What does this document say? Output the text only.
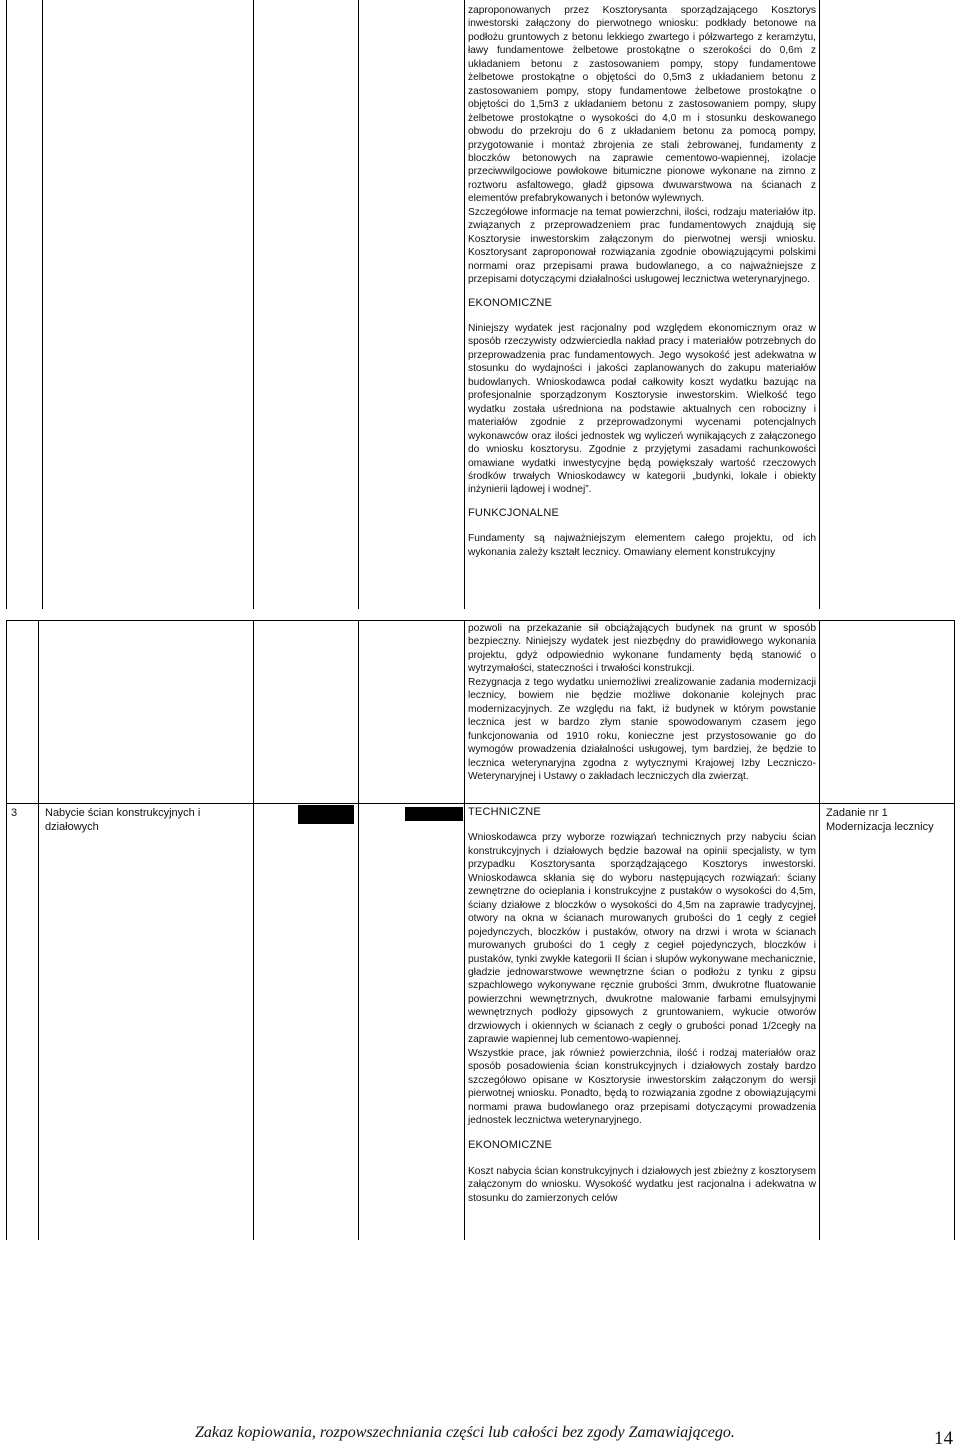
zaproponowanych przez Kosztorysanta sporządzającego Kosztorys inwestorski załączony do pierwotnego wniosku: podkłady betonowe na podłożu gruntowych z betonu lekkiego zwartego i półzwartego z keramzytu, ławy fundamentowe żelbetowe prostokątne o szerokości do 0,6m z układaniem betonu z zastosowaniem pompy, stopy fundamentowe żelbetowe prostokątne o objętości do 0,5m3 z układaniem betonu z zastosowaniem pompy, stopy fundamentowe żelbetowe prostokątne o objętości do 1,5m3 z układaniem betonu z zastosowaniem pompy, słupy żelbetowe prostokątne o wysokości do 4,0 m i stosunku deskowanego obwodu do przekroju do 6 z układaniem betonu za pomocą pompy, przygotowanie i montaż zbrojenia ze stali żebrowanej, fundamenty z bloczków betonowych na zaprawie cementowo-wapiennej, izolacje przeciwwilgociowe powłokowe bitumiczne pionowe wykonane na zimno z roztworu asfaltowego, gładź gipsowa dwuwarstwowa na ścianach z elementów prefabrykowanych i betonów wylewnych.

Szczegółowe informacje na temat powierzchni, ilości, rodzaju materiałów itp. związanych z przeprowadzeniem prac fundamentowych znajdują się Kosztorysie inwestorskim załączonym do pierwotnej wersji wniosku. Kosztorysant zaproponował rozwiązania zgodnie obowiązującymi polskimi normami oraz przepisami prawa budowlanego, a co najważniejsze z przepisami dotyczącymi działalności usługowej lecznictwa weterynaryjnego.

EKONOMICZNE

Niniejszy wydatek jest racjonalny pod względem ekonomicznym oraz w sposób rzeczywisty odzwierciedla nakład pracy i materiałów potrzebnych do przeprowadzenia prac fundamentowych. Jego wysokość jest adekwatna w stosunku do wydajności i jakości zaplanowanych do zakupu materiałów budowlanych. Wnioskodawca podał całkowity koszt wydatku bazując na profesjonalnie sporządzonym Kosztorysie inwestorskim. Wielkość tego wydatku została uśredniona na podstawie aktualnych cen robocizny i materiałów zgodnie z przeprowadzonymi wycenami potencjalnych wykonawców oraz ilości jednostek wg wyliczeń wynikających z załączonego do wniosku kosztorysu. Zgodnie z przyjętymi zasadami rachunkowości omawiane wydatki inwestycyjne będą powiększały wartość rzeczowych środków trwałych Wnioskodawcy w kategorii „budynki, lokale i obiekty inżynierii lądowej i wodnej”.

FUNKCJONALNE

Fundamenty są najważniejszym elementem całego projektu, od ich wykonania zależy kształt lecznicy. Omawiany element konstrukcyjny

pozwoli na przekazanie sił obciążających budynek na grunt w sposób bezpieczny. Niniejszy wydatek jest niezbędny do prawidłowego wykonania projektu, gdyż odpowiednio wykonane fundamenty będą stanowić o wytrzymałości, stateczności i trwałości konstrukcji.

Rezygnacja z tego wydatku uniemożliwi zrealizowanie zadania modernizacji lecznicy, bowiem nie będzie możliwe dokonanie kolejnych prac modernizacyjnych. Ze względu na fakt, iż budynek w którym powstanie lecznica jest w bardzo złym stanie spowodowanym czasem jego funkcjonowania od 1910 roku, konieczne jest przystosowanie go do wymogów prowadzenia działalności usługowej, tym bardziej, że będzie to lecznica weterynaryjna zgodna z wytycznymi Krajowej Izby Leczniczo-Weterynaryjnej i Ustawy o zakładach leczniczych dla zwierząt.

3	Nabycie ścian konstrukcyjnych i działowych
Zadanie nr 1
Modernizacja lecznicy

TECHNICZNE

Wnioskodawca przy wyborze rozwiązań technicznych przy nabyciu ścian konstrukcyjnych i działowych będzie bazował na opinii specjalisty, w tym przypadku Kosztorysanta sporządzającego Kosztorys inwestorski. Wnioskodawca skłania się do wyboru następujących rozwiązań: ściany zewnętrzne do ocieplania i konstrukcyjne z pustaków o wysokości do 4,5m, ściany działowe z bloczków o wysokości do 4,5m na zaprawie tradycyjnej, otwory na okna w ścianach murowanych grubości do 1 cegły z cegieł pojedynczych, bloczków i pustaków, otwory na drzwi i wrota w ścianach murowanych grubości do 1 cegły z cegieł pojedynczych, bloczków i pustaków, tynki zwykłe kategorii II ścian i słupów wykonywane mechanicznie, gładzie jednowarstwowe wewnętrzne ścian o podłożu z tynku z gipsu szpachlowego wykonywane ręcznie grubości 3mm, dwukrotne fluatowanie powierzchni wewnętrznych, dwukrotne malowanie farbami emulsyjnymi wewnętrznych podłoży gipsowych z gruntowaniem, wykucie otworów drzwiowych i okiennych w ścianach z cegły o grubości ponad 1/2cegły na zaprawie wapiennej lub cementowo-wapiennej.

Wszystkie prace, jak również powierzchnia, ilość i rodzaj materiałów oraz sposób posadowienia ścian konstrukcyjnych i działowych zostały bardzo szczegółowo opisane w Kosztorysie inwestorskim załączonym do wersji pierwotnej wniosku. Ponadto, będą to rozwiązania zgodne z obowiązującymi normami prawa budowlanego oraz przepisami dotyczącymi prowadzenia jednostek lecznictwa weterynaryjnego.

EKONOMICZNE

Koszt nabycia ścian konstrukcyjnych i działowych jest zbieżny z kosztorysem załączonym do wniosku. Wysokość wydatku jest racjonalna i adekwatna w stosunku do zamierzonych celów

Zakaz kopiowania, rozpowszechniania części lub całości bez zgody Zamawiającego.	14
